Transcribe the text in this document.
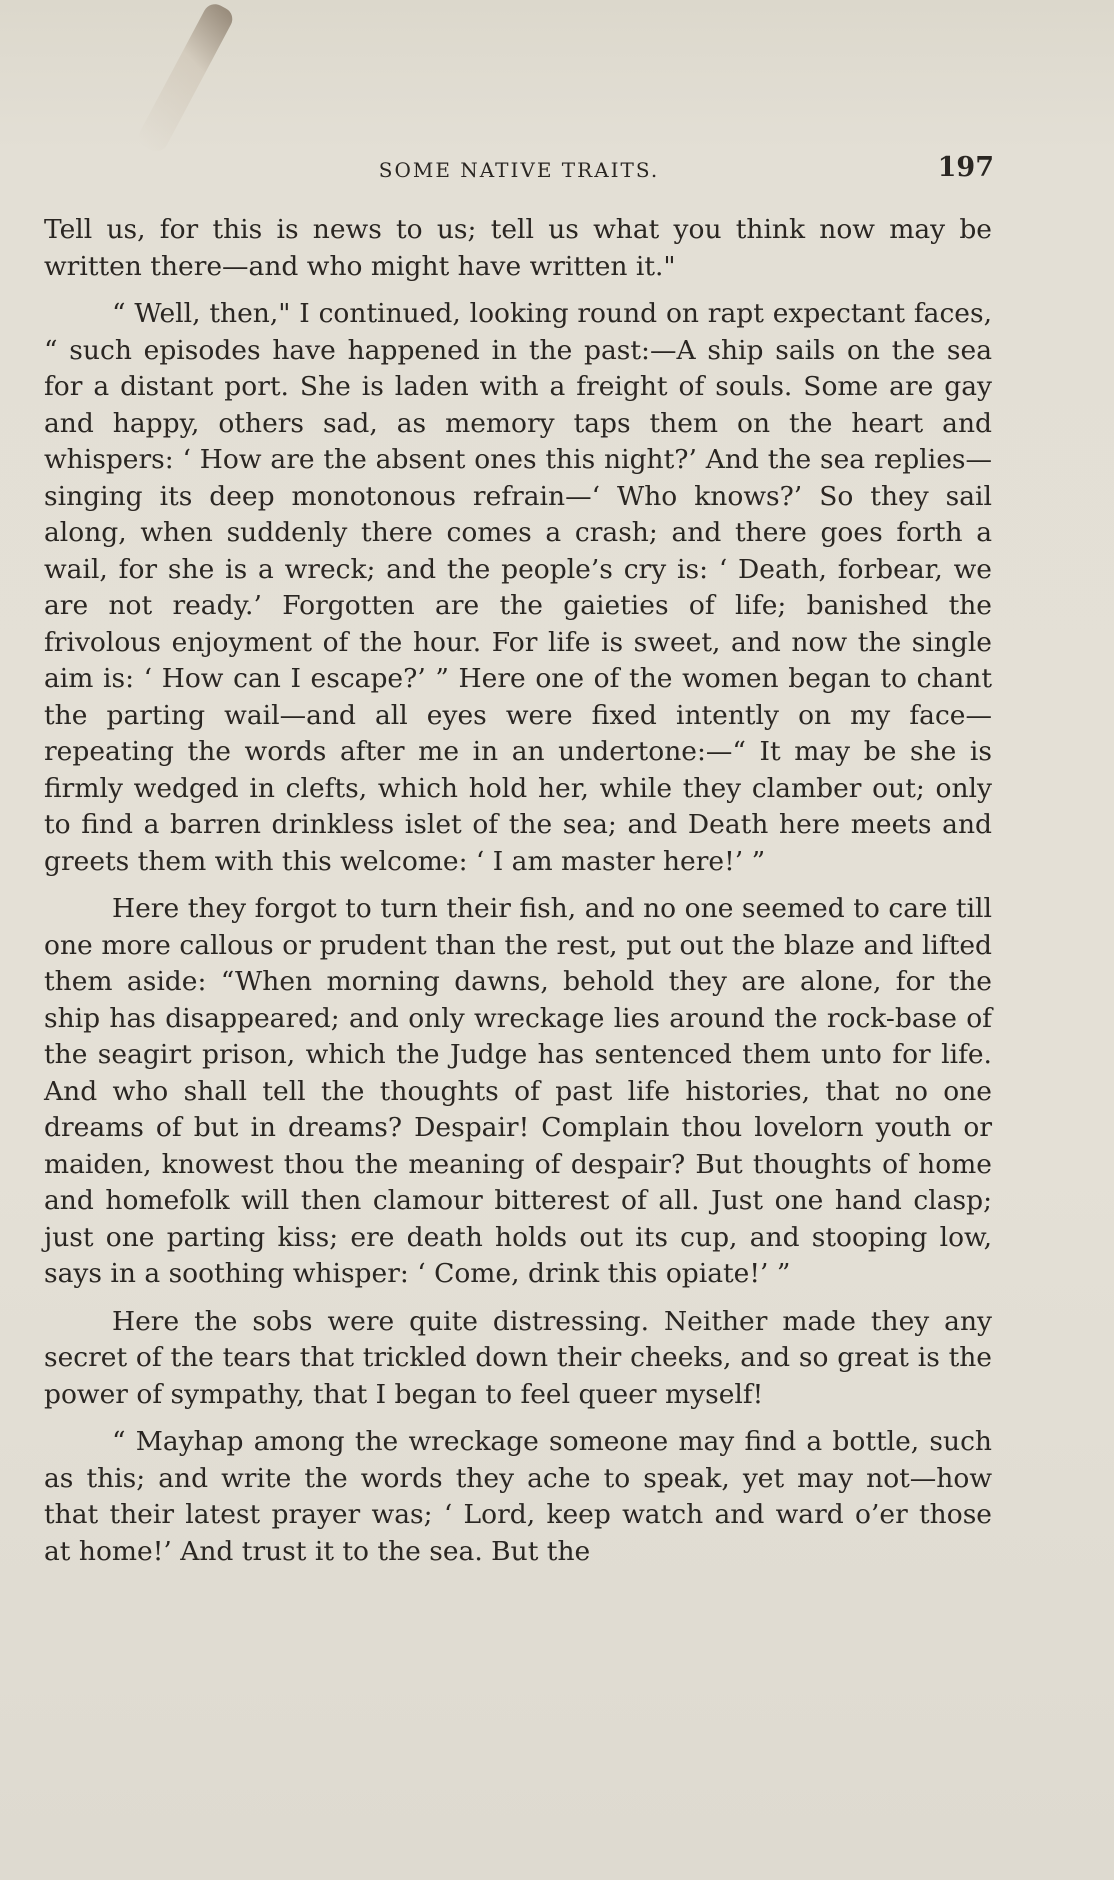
SOME NATIVE TRAITS.	197

Tell us, for this is news to us; tell us what you think now may be written there—and who might have written it."

“ Well, then," I continued, looking round on rapt expectant faces, “ such episodes have happened in the past:—A ship sails on the sea for a distant port. She is laden with a freight of souls. Some are gay and happy, others sad, as memory taps them on the heart and whispers: ‘ How are the absent ones this night?’ And the sea replies—singing its deep monotonous refrain—‘ Who knows?’ So they sail along, when suddenly there comes a crash; and there goes forth a wail, for she is a wreck; and the people’s cry is: ‘ Death, forbear, we are not ready.’ Forgotten are the gaieties of life; banished the frivolous enjoyment of the hour. For life is sweet, and now the single aim is: ‘ How can I escape?’ ” Here one of the women began to chant the parting wail—and all eyes were fixed intently on my face—repeating the words after me in an undertone:—“ It may be she is firmly wedged in clefts, which hold her, while they clamber out; only to find a barren drinkless islet of the sea; and Death here meets and greets them with this welcome: ‘ I am master here!’ ”

Here they forgot to turn their fish, and no one seemed to care till one more callous or prudent than the rest, put out the blaze and lifted them aside: “When morning dawns, behold they are alone, for the ship has disappeared; and only wreckage lies around the rock-base of the seagirt prison, which the Judge has sentenced them unto for life. And who shall tell the thoughts of past life histories, that no one dreams of but in dreams? Despair! Complain thou lovelorn youth or maiden, knowest thou the meaning of despair? But thoughts of home and homefolk will then clamour bitterest of all. Just one hand clasp; just one parting kiss; ere death holds out its cup, and stooping low, says in a soothing whisper: ‘ Come, drink this opiate!’ ”

Here the sobs were quite distressing. Neither made they any secret of the tears that trickled down their cheeks, and so great is the power of sympathy, that I began to feel queer myself!

“ Mayhap among the wreckage someone may find a bottle, such as this; and write the words they ache to speak, yet may not—how that their latest prayer was; ‘ Lord, keep watch and ward o’er those at home!’ And trust it to the sea. But the
